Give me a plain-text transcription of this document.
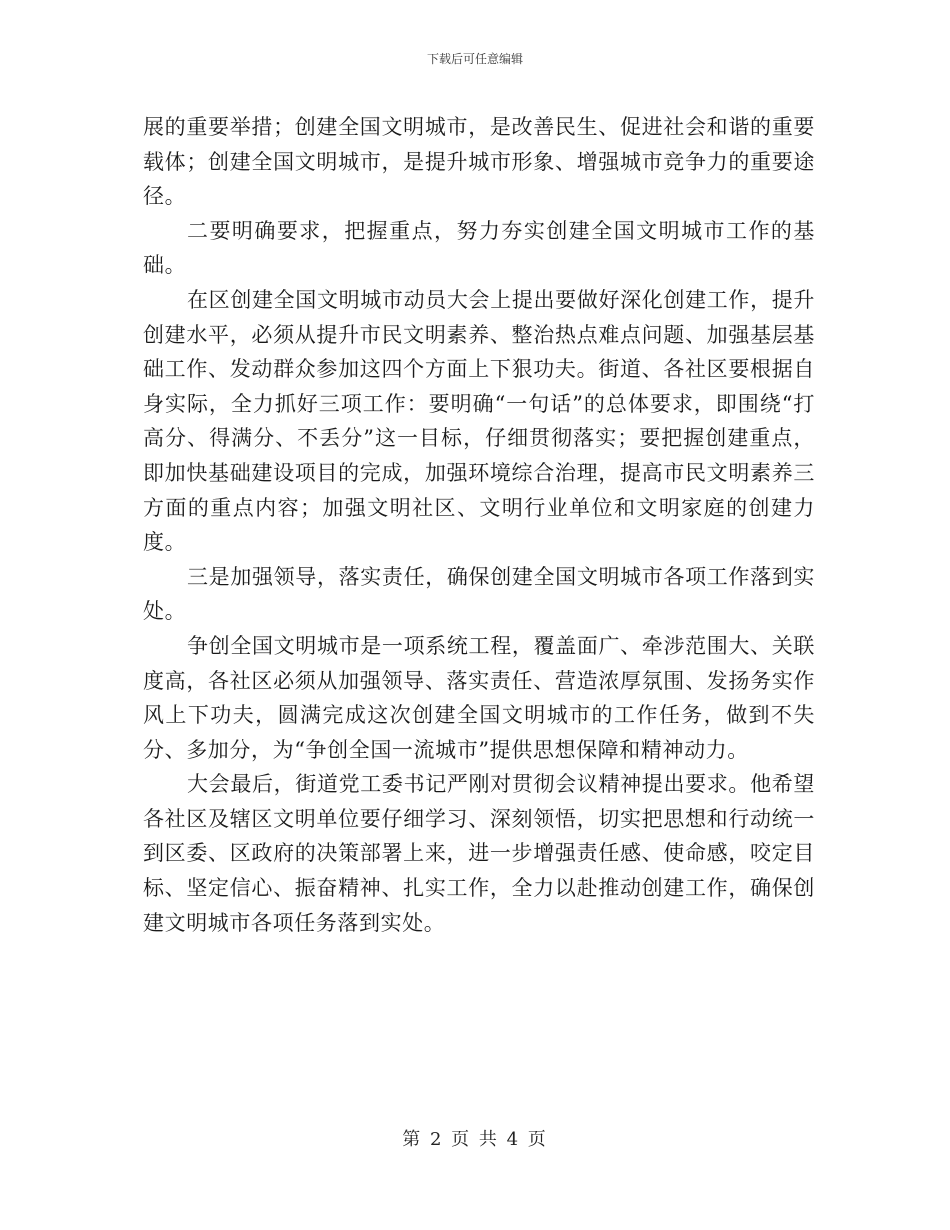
下载后可任意编辑

展的重要举措；创建全国文明城市，是改善民生、促进社会和谐的重要载体；创建全国文明城市，是提升城市形象、增强城市竞争力的重要途径。

二要明确要求，把握重点，努力夯实创建全国文明城市工作的基础。

在区创建全国文明城市动员大会上提出要做好深化创建工作，提升创建水平，必须从提升市民文明素养、整治热点难点问题、加强基层基础工作、发动群众参加这四个方面上下狠功夫。街道、各社区要根据自身实际，全力抓好三项工作：要明确“一句话”的总体要求，即围绕“打高分、得满分、不丢分”这一目标，仔细贯彻落实；要把握创建重点，即加快基础建设项目的完成，加强环境综合治理，提高市民文明素养三方面的重点内容；加强文明社区、文明行业单位和文明家庭的创建力度。

三是加强领导，落实责任，确保创建全国文明城市各项工作落到实处。

争创全国文明城市是一项系统工程，覆盖面广、牵涉范围大、关联度高，各社区必须从加强领导、落实责任、营造浓厚氛围、发扬务实作风上下功夫，圆满完成这次创建全国文明城市的工作任务，做到不失分、多加分，为“争创全国一流城市”提供思想保障和精神动力。

大会最后，街道党工委书记严刚对贯彻会议精神提出要求。他希望各社区及辖区文明单位要仔细学习、深刻领悟，切实把思想和行动统一到区委、区政府的决策部署上来，进一步增强责任感、使命感，咬定目标、坚定信心、振奋精神、扎实工作，全力以赴推动创建工作，确保创建文明城市各项任务落到实处。

第 2 页 共 4 页
